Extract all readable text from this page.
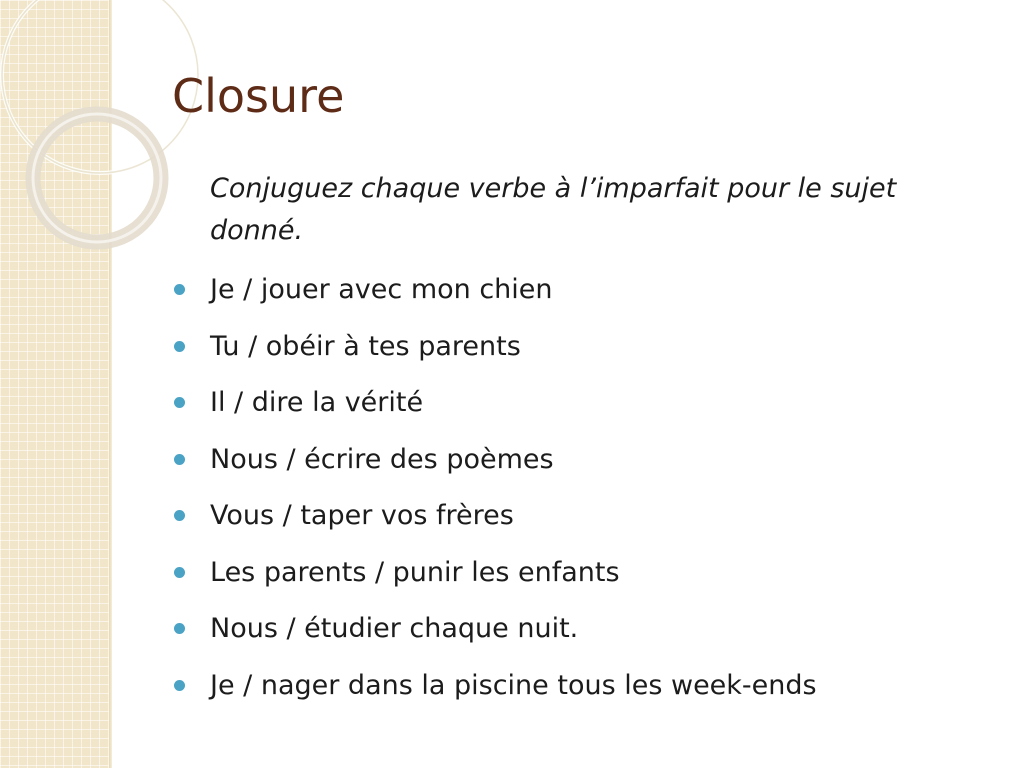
Closure
Conjuguez chaque verbe à l’imparfait pour le sujet donné.
Je / jouer avec mon chien
Tu / obéir à tes parents
Il / dire la vérité
Nous / écrire des poèmes
Vous / taper vos frères
Les parents / punir les enfants
Nous / étudier chaque nuit.
Je / nager dans la piscine tous les week-ends
